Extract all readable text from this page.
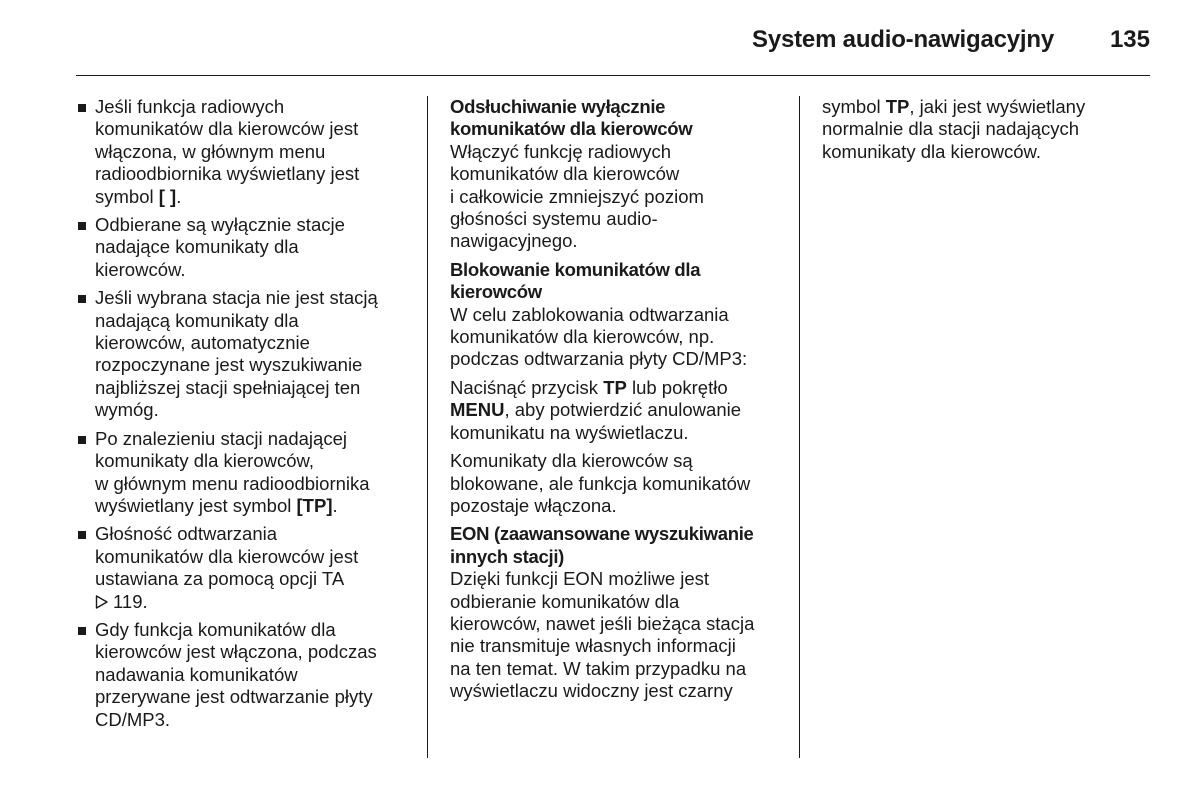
System audio-nawigacyjny 135
Jeśli funkcja radiowych
komunikatów dla kierowców jest
włączona, w głównym menu
radioodbiornika wyświetlany jest
symbol [ ].
Odbierane są wyłącznie stacje
nadające komunikaty dla
kierowców.
Jeśli wybrana stacja nie jest stacją
nadającą komunikaty dla
kierowców, automatycznie
rozpoczynane jest wyszukiwanie
najbliższej stacji spełniającej ten
wymóg.
Po znalezieniu stacji nadającej
komunikaty dla kierowców,
w głównym menu radioodbiornika
wyświetlany jest symbol [TP].
Głośność odtwarzania
komunikatów dla kierowców jest
ustawiana za pomocą opcji TA
119.
Gdy funkcja komunikatów dla
kierowców jest włączona, podczas
nadawania komunikatów
przerywane jest odtwarzanie płyty
CD/MP3.
Odsłuchiwanie wyłącznie
komunikatów dla kierowców
Włączyć funkcję radiowych
komunikatów dla kierowców
i całkowicie zmniejszyć poziom
głośności systemu audio-
nawigacyjnego.
Blokowanie komunikatów dla
kierowców
W celu zablokowania odtwarzania
komunikatów dla kierowców, np.
podczas odtwarzania płyty CD/MP3:
Naciśnąć przycisk TP lub pokrętło
MENU, aby potwierdzić anulowanie
komunikatu na wyświetlaczu.
Komunikaty dla kierowców są
blokowane, ale funkcja komunikatów
pozostaje włączona.
EON (zaawansowane wyszukiwanie
innych stacji)
Dzięki funkcji EON możliwe jest
odbieranie komunikatów dla
kierowców, nawet jeśli bieżąca stacja
nie transmituje własnych informacji
na ten temat. W takim przypadku na
wyświetlaczu widoczny jest czarny
symbol TP, jaki jest wyświetlany
normalnie dla stacji nadających
komunikaty dla kierowców.
